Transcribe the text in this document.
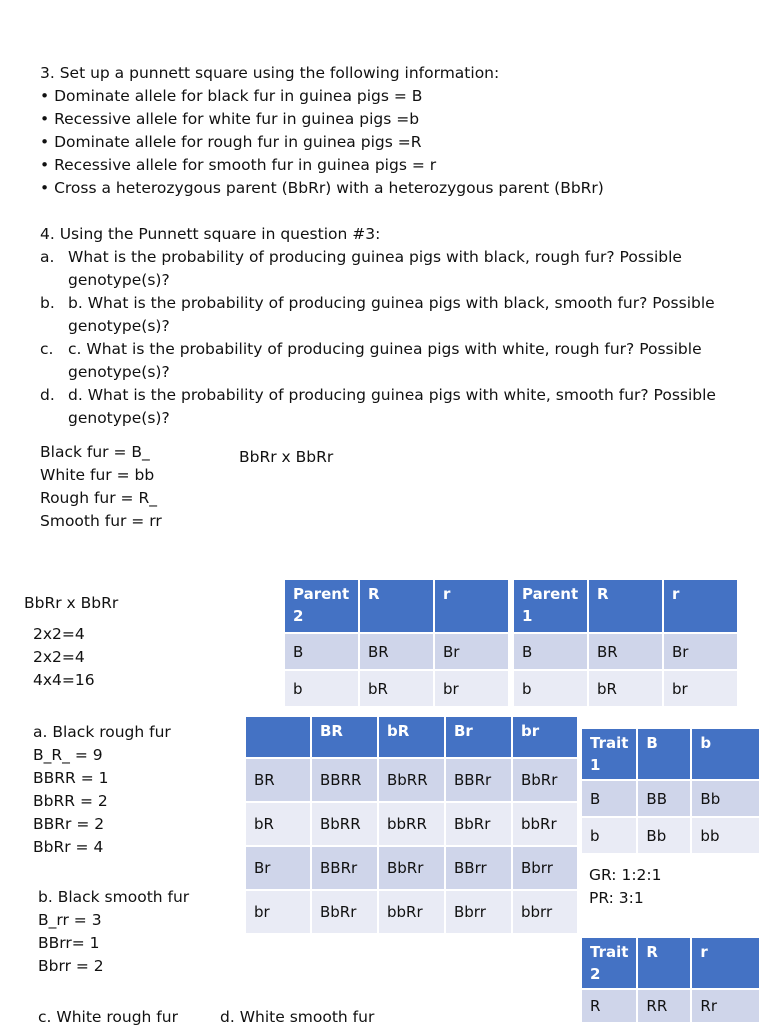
3. Set up a punnett square using the following information:
• Dominate allele for black fur in guinea pigs = B
• Recessive allele for white fur in guinea pigs =b
• Dominate allele for rough fur in guinea pigs =R
• Recessive allele for smooth fur in guinea pigs = r
• Cross a heterozygous parent (BbRr) with a heterozygous parent (BbRr)
4. Using the Punnett square in question #3:
a. What is the probability of producing guinea pigs with black, rough fur? Possible
genotype(s)?
b. b. What is the probability of producing guinea pigs with black, smooth fur? Possible
genotype(s)?
c. c. What is the probability of producing guinea pigs with white, rough fur? Possible
genotype(s)?
d. d. What is the probability of producing guinea pigs with white, smooth fur? Possible
genotype(s)?
Black fur = B_
White fur = bb
Rough fur = R_
Smooth fur = rr
BbRr x BbRr
BbRr x BbRr
2x2=4
2x2=4
4x4=16
a. Black rough fur
B_R_ = 9
BBRR = 1
BbRR = 2
BBRr = 2
BbRr = 4
b. Black smooth fur
B_rr = 3
BBrr= 1
Bbrr = 2
c. White rough fur	d. White smooth fur
Parent 2	R	r
B	BR	Br
b	bR	br
Parent 1	R	r
B	BR	Br
b	bR	br
	BR	bR	Br	br
BR	BBRR	BbRR	BBRr	BbRr
bR	BbRR	bbRR	BbRr	bbRr
Br	BBRr	BbRr	BBrr	Bbrr
br	BbRr	bbRr	Bbrr	bbrr
Trait 1	B	b
B	BB	Bb
b	Bb	bb
GR: 1:2:1
PR: 3:1
Trait 2	R	r
R	RR	Rr
